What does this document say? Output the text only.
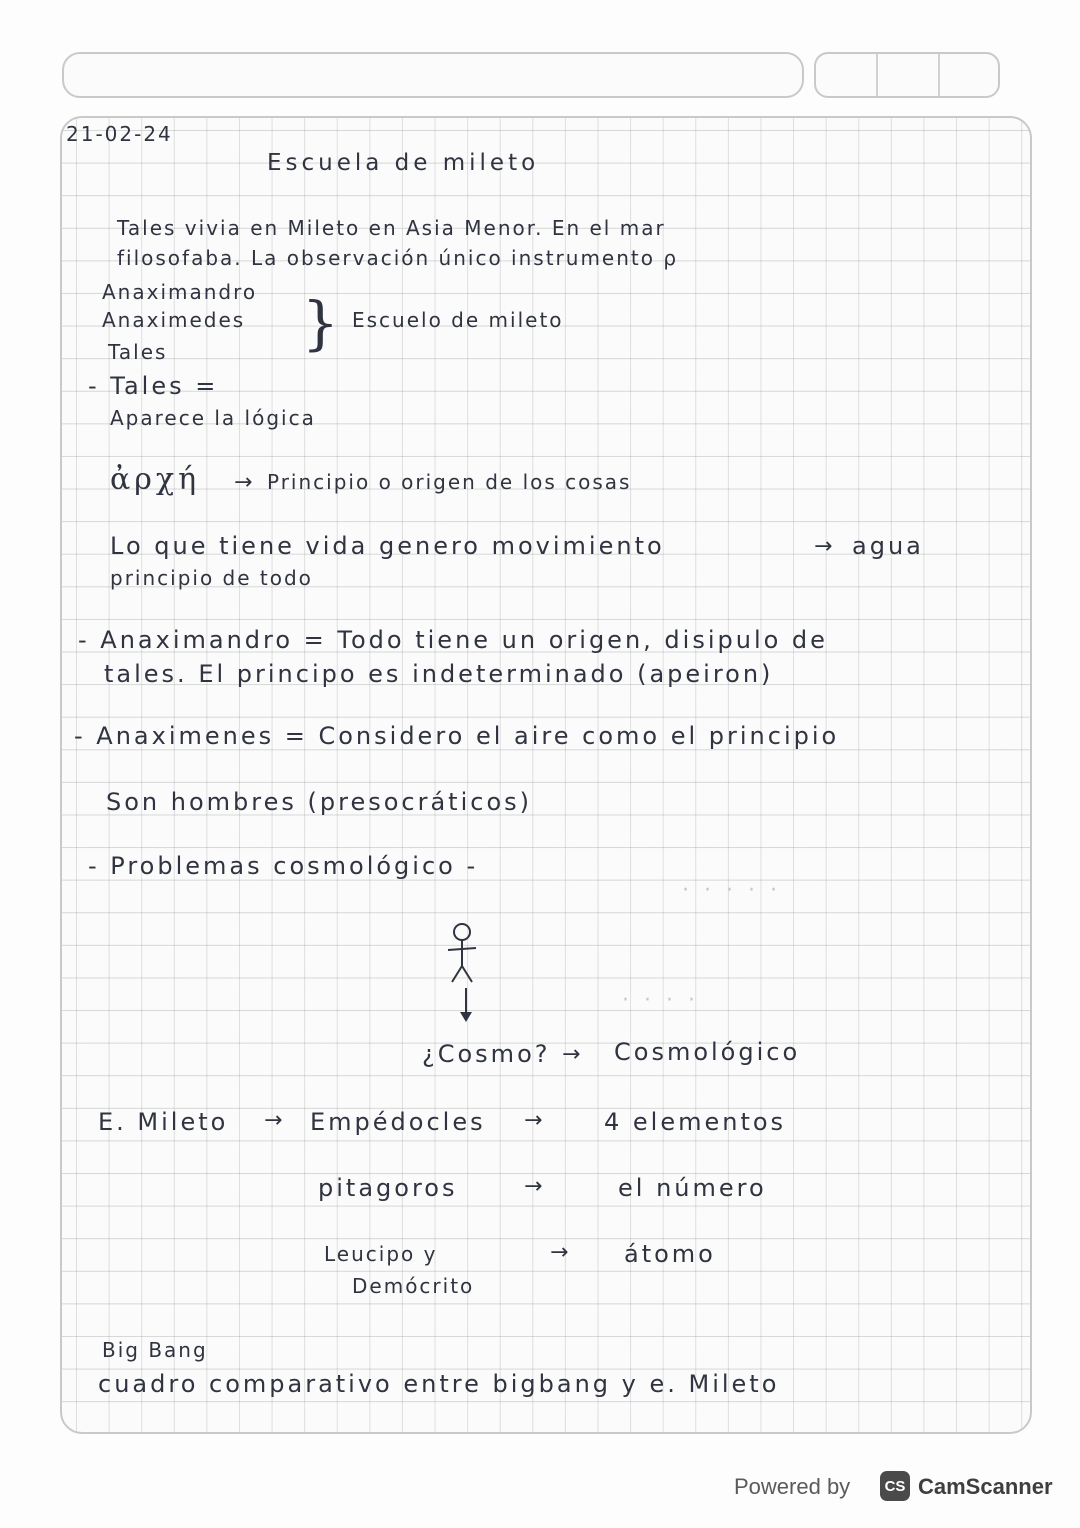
· · · · ·
· · · ·
21-02-24
Escuela de mileto
Tales vivia en Mileto en Asia Menor. En el mar
filosofaba. La observación único instrumento ρ
Anaximandro
Anaximedes
Tales } Escuelo de mileto
- Tales =
Aparece la lógica
ἀρχή → Principio o origen de los cosas
Lo que tiene vida genero movimiento	→ agua
principio de todo
- Anaximandro = Todo tiene un origen, disipulo de
tales. El principo es indeterminado (apeiron)
- Anaximenes = Considero el aire como el principio
Son hombres (presocráticos)
- Problemas cosmológico -
¿Cosmo? → Cosmológico
E. Mileto → Empédocles →	4 elementos
pitagoros	→	el número
Leucipo y	→ átomo
Demócrito
Big Bang
cuadro comparativo entre bigbang y e. Mileto
Powered by	CS CamScanner
